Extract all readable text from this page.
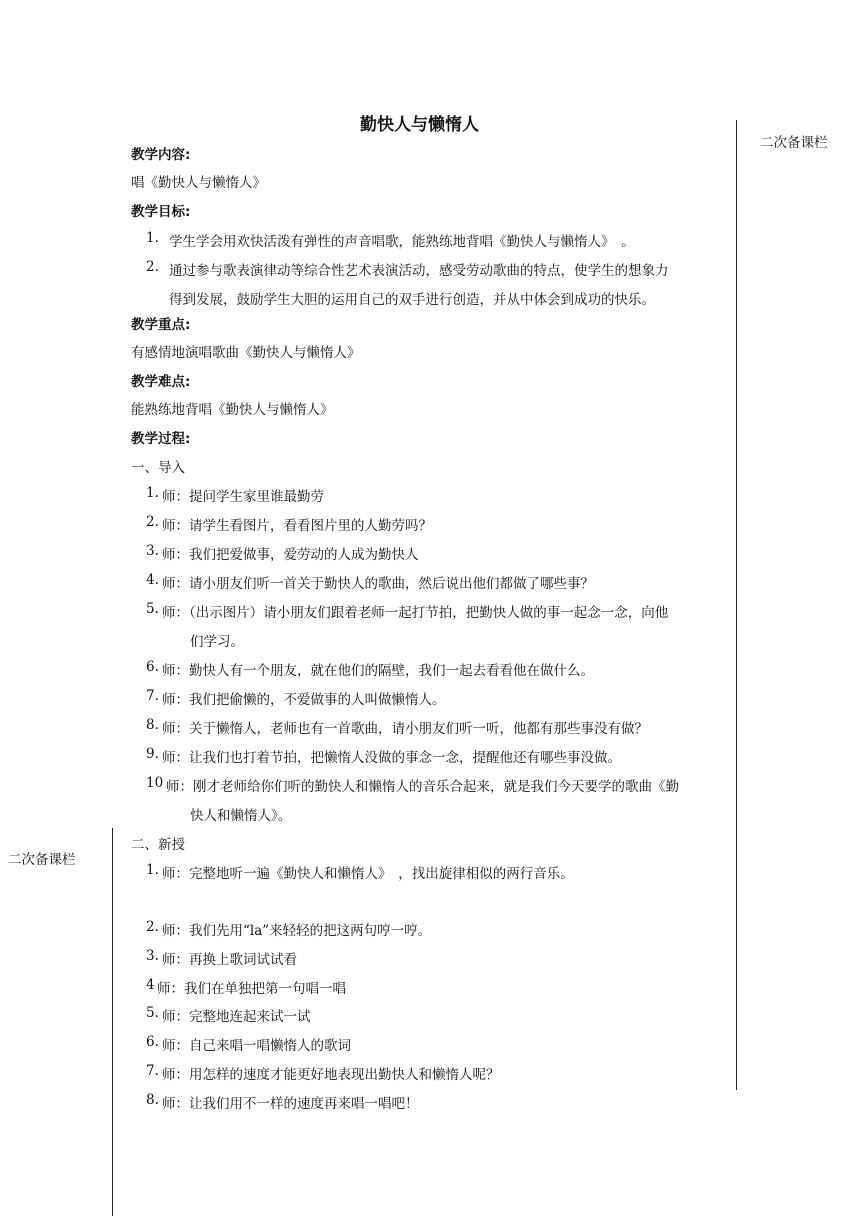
二次备课栏
二次备课栏
勤快人与懒惰人
教学内容:
唱《勤快人与懒惰人》
教学目标:
1. 学生学会用欢快活泼有弹性的声音唱歌，能熟练地背唱《勤快人与懒惰人》　。
2. 通过参与歌表演律动等综合性艺术表演活动，感受劳动歌曲的特点，使学生的想象力
得到发展，鼓励学生大胆的运用自己的双手进行创造，并从中体会到成功的快乐。
教学重点:
有感情地演唱歌曲《勤快人与懒惰人》
教学难点:
能熟练地背唱《勤快人与懒惰人》
教学过程:
一、导入
1. 师：提问学生家里谁最勤劳
2. 师：请学生看图片，看看图片里的人勤劳吗？
3. 师：我们把爱做事，爱劳动的人成为勤快人
4. 师：请小朋友们听一首关于勤快人的歌曲，然后说出他们都做了哪些事？
5. 师：（出示图片）请小朋友们跟着老师一起打节拍，把勤快人做的事一起念一念，向他
们学习。
6. 师：勤快人有一个朋友，就在他们的隔壁，我们一起去看看他在做什么。
7. 师：我们把偷懒的，不爱做事的人叫做懒惰人。
8. 师：关于懒惰人，老师也有一首歌曲，请小朋友们听一听，他都有那些事没有做？
9. 师：让我们也打着节拍，把懒惰人没做的事念一念，提醒他还有哪些事没做。
10 师：刚才老师给你们听的勤快人和懒惰人的音乐合起来，就是我们今天要学的歌曲《勤
快人和懒惰人》。
二、新授
1. 师：完整地听一遍《勤快人和懒惰人》　，找出旋律相似的两行音乐。
2. 师：我们先用“la”来轻轻的把这两句哼一哼。
3. 师：再换上歌词试试看
4 师：我们在单独把第一句唱一唱
5. 师：完整地连起来试一试
6. 师：自己来唱一唱懒惰人的歌词
7. 师：用怎样的速度才能更好地表现出勤快人和懒惰人呢？
8. 师：让我们用不一样的速度再来唱一唱吧！
